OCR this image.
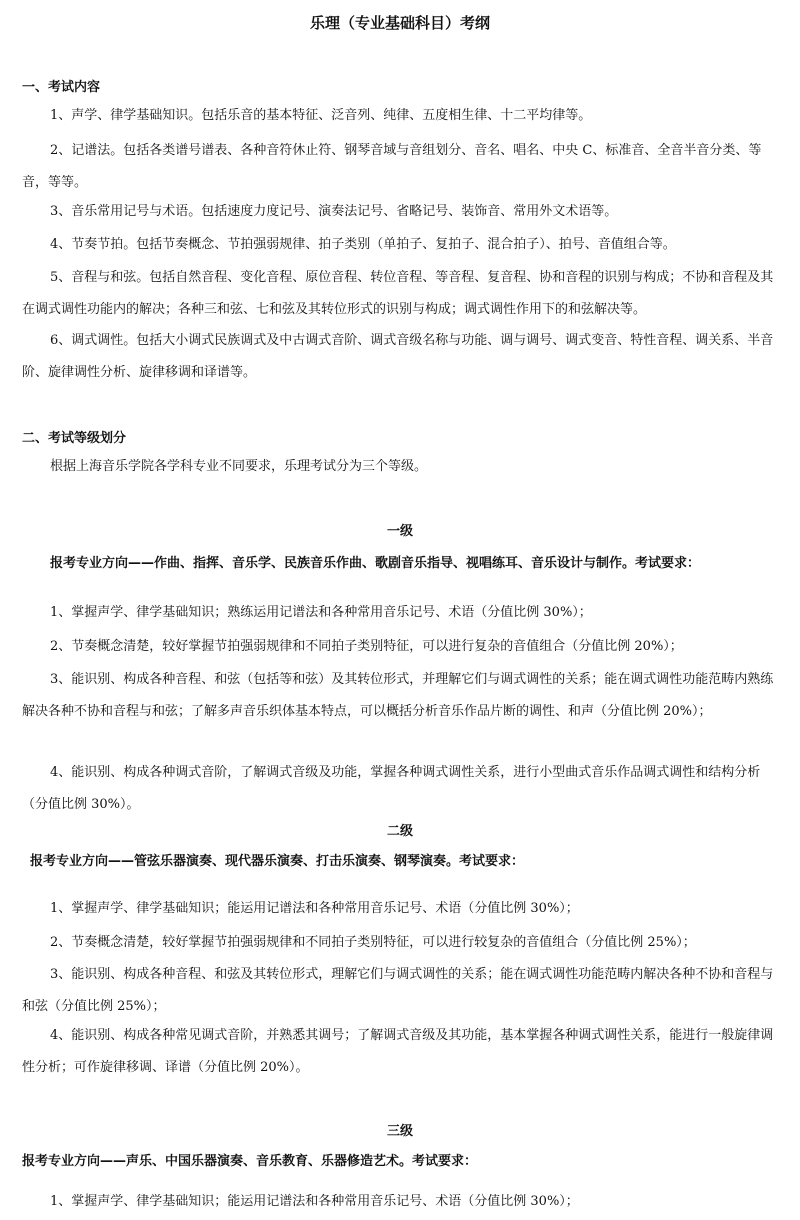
乐理（专业基础科目）考纲
一、考试内容
1、声学、律学基础知识。包括乐音的基本特征、泛音列、纯律、五度相生律、十二平均律等。
2、记谱法。包括各类谱号谱表、各种音符休止符、钢琴音域与音组划分、音名、唱名、中央 C、标准音、全音半音分类、等音，等等。
3、音乐常用记号与术语。包括速度力度记号、演奏法记号、省略记号、装饰音、常用外文术语等。
4、节奏节拍。包括节奏概念、节拍强弱规律、拍子类别（单拍子、复拍子、混合拍子）、拍号、音值组合等。
5、音程与和弦。包括自然音程、变化音程、原位音程、转位音程、等音程、复音程、协和音程的识别与构成；不协和音程及其在调式调性功能内的解决；各种三和弦、七和弦及其转位形式的识别与构成；调式调性作用下的和弦解决等。
6、调式调性。包括大小调式民族调式及中古调式音阶、调式音级名称与功能、调与调号、调式变音、特性音程、调关系、半音阶、旋律调性分析、旋律移调和译谱等。
二、考试等级划分
根据上海音乐学院各学科专业不同要求，乐理考试分为三个等级。
一级
报考专业方向——作曲、指挥、音乐学、民族音乐作曲、歌剧音乐指导、视唱练耳、音乐设计与制作。考试要求：
1、掌握声学、律学基础知识；熟练运用记谱法和各种常用音乐记号、术语（分值比例 30%）；
2、节奏概念清楚，较好掌握节拍强弱规律和不同拍子类别特征，可以进行复杂的音值组合（分值比例 20%）；
3、能识别、构成各种音程、和弦（包括等和弦）及其转位形式，并理解它们与调式调性的关系；能在调式调性功能范畴内熟练解决各种不协和音程与和弦；了解多声音乐织体基本特点，可以概括分析音乐作品片断的调性、和声（分值比例 20%）；
4、能识别、构成各种调式音阶，了解调式音级及功能，掌握各种调式调性关系，进行小型曲式音乐作品调式调性和结构分析（分值比例 30%）。
二级
报考专业方向——管弦乐器演奏、现代器乐演奏、打击乐演奏、钢琴演奏。考试要求：
1、掌握声学、律学基础知识；能运用记谱法和各种常用音乐记号、术语（分值比例 30%）；
2、节奏概念清楚，较好掌握节拍强弱规律和不同拍子类别特征，可以进行较复杂的音值组合（分值比例 25%）；
3、能识别、构成各种音程、和弦及其转位形式，理解它们与调式调性的关系；能在调式调性功能范畴内解决各种不协和音程与和弦（分值比例 25%）；
4、能识别、构成各种常见调式音阶，并熟悉其调号；了解调式音级及其功能，基本掌握各种调式调性关系，能进行一般旋律调性分析；可作旋律移调、译谱（分值比例 20%）。
三级
报考专业方向——声乐、中国乐器演奏、音乐教育、乐器修造艺术。考试要求：
1、掌握声学、律学基础知识；能运用记谱法和各种常用音乐记号、术语（分值比例 30%）；
